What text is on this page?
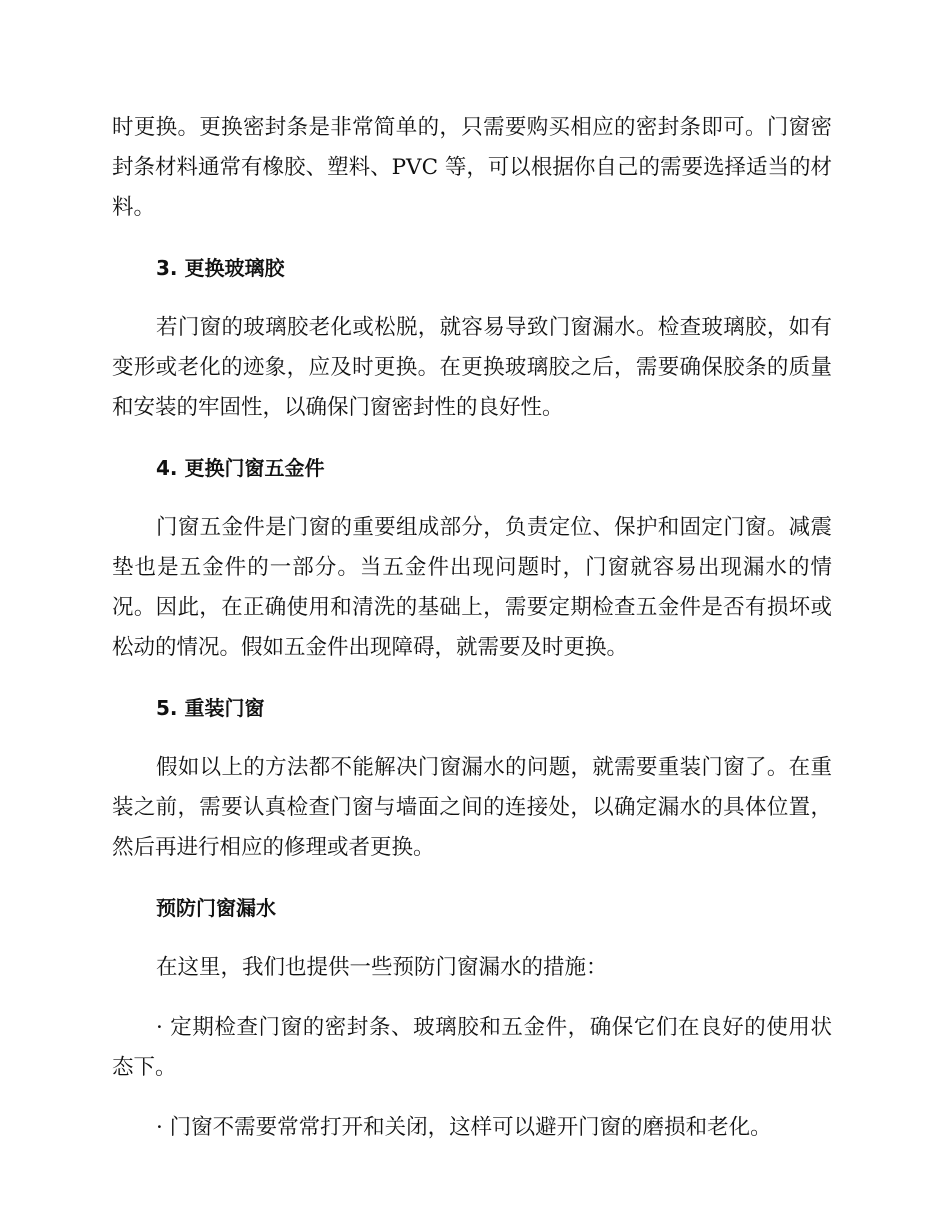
时更换。更换密封条是非常简单的，只需要购买相应的密封条即可。门窗密封条材料通常有橡胶、塑料、PVC 等，可以根据你自己的需要选择适当的材料。

3. 更换玻璃胶

若门窗的玻璃胶老化或松脱，就容易导致门窗漏水。检查玻璃胶，如有变形或老化的迹象，应及时更换。在更换玻璃胶之后，需要确保胶条的质量和安装的牢固性，以确保门窗密封性的良好性。

4. 更换门窗五金件

门窗五金件是门窗的重要组成部分，负责定位、保护和固定门窗。减震垫也是五金件的一部分。当五金件出现问题时，门窗就容易出现漏水的情况。因此，在正确使用和清洗的基础上，需要定期检查五金件是否有损坏或松动的情况。假如五金件出现障碍，就需要及时更换。

5. 重装门窗

假如以上的方法都不能解决门窗漏水的问题，就需要重装门窗了。在重装之前，需要认真检查门窗与墙面之间的连接处，以确定漏水的具体位置，然后再进行相应的修理或者更换。

预防门窗漏水

在这里，我们也提供一些预防门窗漏水的措施：

· 定期检查门窗的密封条、玻璃胶和五金件，确保它们在良好的使用状态下。

· 门窗不需要常常打开和关闭，这样可以避开门窗的磨损和老化。
